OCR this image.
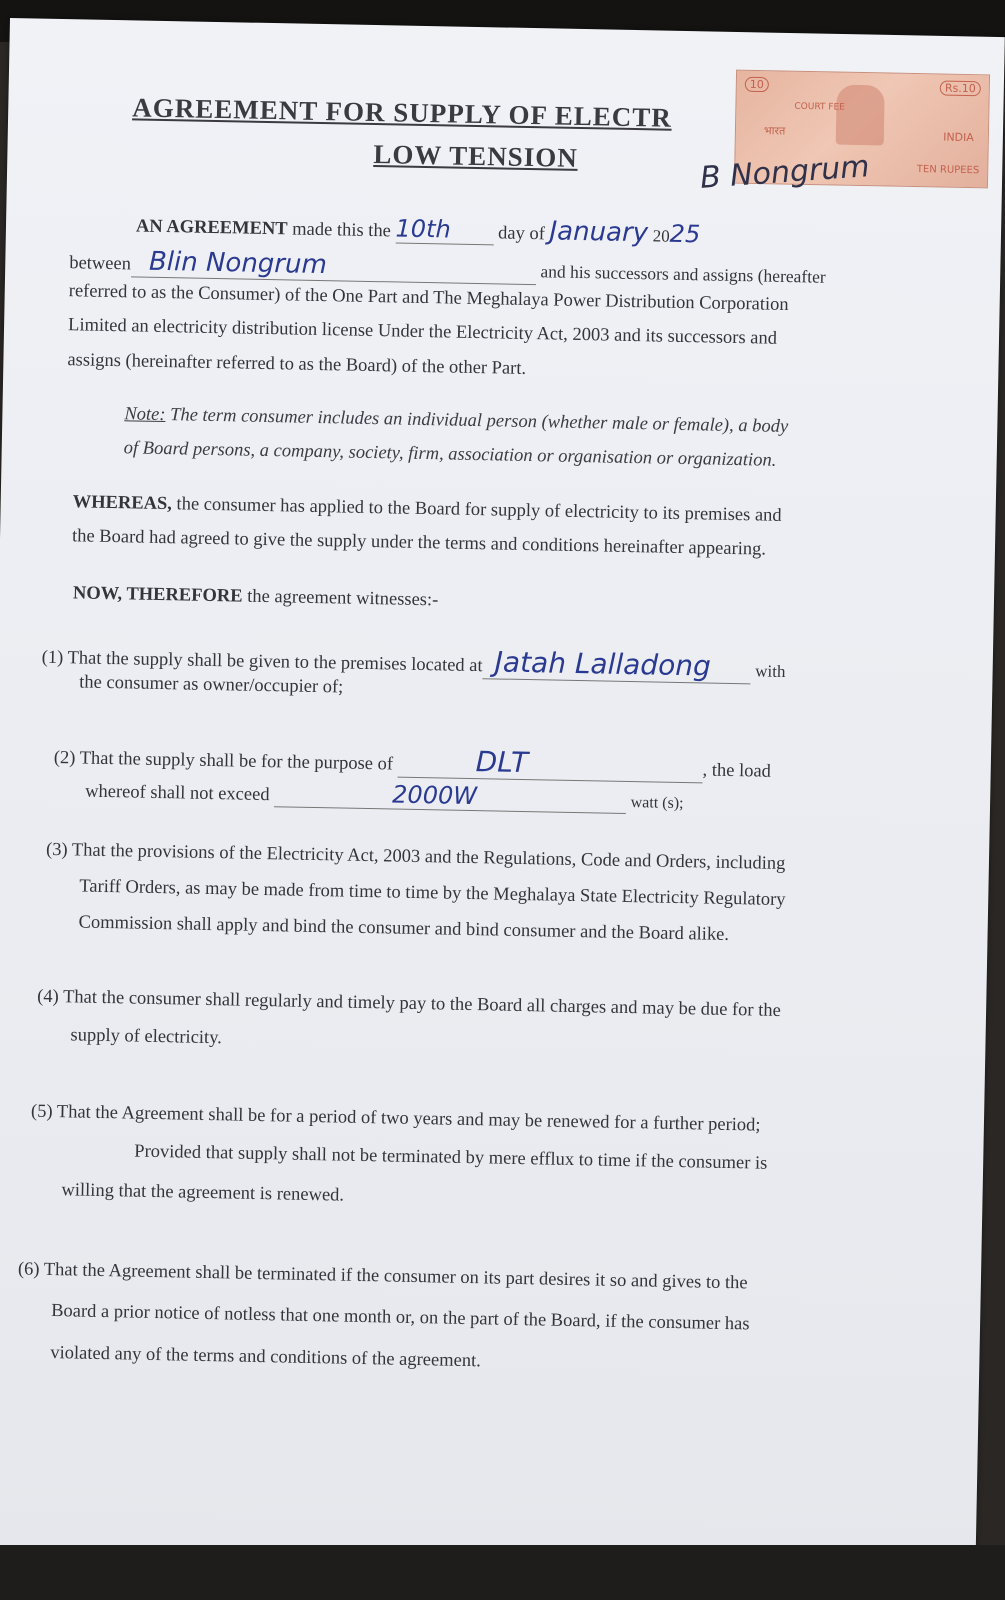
AGREEMENT FOR SUPPLY OF ELECTR
LOW TENSION
AN AGREEMENT made this the 10th	day of January 2025
between Blin Nongrum	and his successors and assigns (hereafter
referred to as the Consumer) of the One Part and The Meghalaya Power Distribution Corporation
Limited an electricity distribution license Under the Electricity Act, 2003 and its successors and
assigns (hereinafter referred to as the Board) of the other Part.
Note: The term consumer includes an individual person (whether male or female), a body
of Board persons, a company, society, firm, association or organisation or organization.
WHEREAS, the consumer has applied to the Board for supply of electricity to its premises and
the Board had agreed to give the supply under the terms and conditions hereinafter appearing.
NOW, THEREFORE the agreement witnesses:-
(1) That the supply shall be given to the premises located at Jatah Lalladong	with
the consumer as owner/occupier of;
(2) That the supply shall be for the purpose of	DLT	, the load
whereof shall not exceed	2000W	watt (s);
(3) That the provisions of the Electricity Act, 2003 and the Regulations, Code and Orders, including
Tariff Orders, as may be made from time to time by the Meghalaya State Electricity Regulatory
Commission shall apply and bind the consumer and bind consumer and the Board alike.
(4) That the consumer shall regularly and timely pay to the Board all charges and may be due for the
supply of electricity.
(5) That the Agreement shall be for a period of two years and may be renewed for a further period;
Provided that supply shall not be terminated by mere efflux to time if the consumer is
willing that the agreement is renewed.
(6) That the Agreement shall be terminated if the consumer on its part desires it so and gives to the
Board a prior notice of notless that one month or, on the part of the Board, if the consumer has
violated any of the terms and conditions of the agreement.
10	Rs.10
COURT FEE
भारत	INDIA
TEN RUPEES
B Nongrum
